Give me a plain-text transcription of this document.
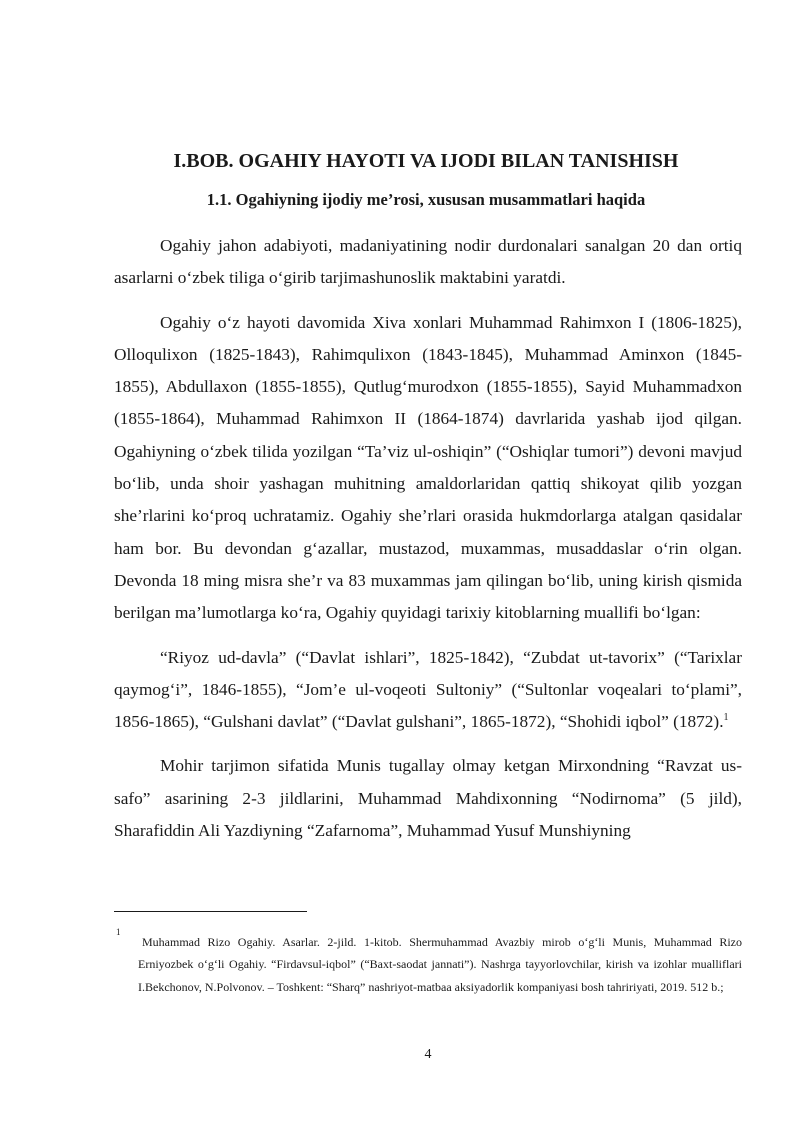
I.BOB. OGAHIY HAYOTI VA IJODI BILAN TANISHISH
1.1. Ogahiyning ijodiy me’rosi, xususan musammatlari haqida

Ogahiy jahon adabiyoti, madaniyatining nodir durdonalari sanalgan 20 dan ortiq asarlarni o‘zbek tiliga o‘girib tarjimashunoslik maktabini yaratdi.

Ogahiy o‘z hayoti davomida Xiva xonlari Muhammad Rahimxon I (1806-1825), Olloqulixon (1825-1843), Rahimqulixon (1843-1845), Muhammad Aminxon (1845-1855), Abdullaxon (1855-1855), Qutlug‘murodxon (1855-1855), Sayid Muhammadxon (1855-1864), Muhammad Rahimxon II (1864-1874) davrlarida yashab ijod qilgan. Ogahiyning o‘zbek tilida yozilgan “Ta’viz ul-oshiqin” (“Oshiqlar tumori”) devoni mavjud bo‘lib, unda shoir yashagan muhitning amaldorlaridan qattiq shikoyat qilib yozgan she’rlarini ko‘proq uchratamiz. Ogahiy she’rlari orasida hukmdorlarga atalgan qasidalar ham bor. Bu devondan g‘azallar, mustazod, muxammas, musaddaslar o‘rin olgan. Devonda 18 ming misra she’r va 83 muxammas jam qilingan bo‘lib, uning kirish qismida berilgan ma’lumotlarga ko‘ra, Ogahiy quyidagi tarixiy kitoblarning muallifi bo‘lgan:

“Riyoz ud-davla” (“Davlat ishlari”, 1825-1842), “Zubdat ut-tavorix” (“Tarixlar qaymog‘i”, 1846-1855), “Jom’e ul-voqeoti Sultoniy” (“Sultonlar voqealari to‘plami”, 1856-1865), “Gulshani davlat” (“Davlat gulshani”, 1865-1872), “Shohidi iqbol” (1872).$^1$

Mohir tarjimon sifatida Munis tugallay olmay ketgan Mirxondning “Ravzat us-safo” asarining 2-3 jildlarini, Muhammad Mahdixonning “Nodirnoma” (5 jild), Sharafiddin Ali Yazdiyning “Zafarnoma”, Muhammad Yusuf Munshiyning

1

Muhammad Rizo Ogahiy. Asarlar. 2-jild. 1-kitob. Shermuhammad Avazbiy mirob o‘g‘li Munis, Muhammad Rizo Erniyozbek o‘g‘li Ogahiy. “Firdavsul-iqbol” (“Baxt-saodat jannati”). Nashrga tayyorlovchilar, kirish va izohlar mualliflari I.Bekchonov, N.Polvonov. – Toshkent: “Sharq” nashriyot-matbaa aksiyadorlik kompaniyasi bosh tahririyati, 2019. 512 b.;

4
